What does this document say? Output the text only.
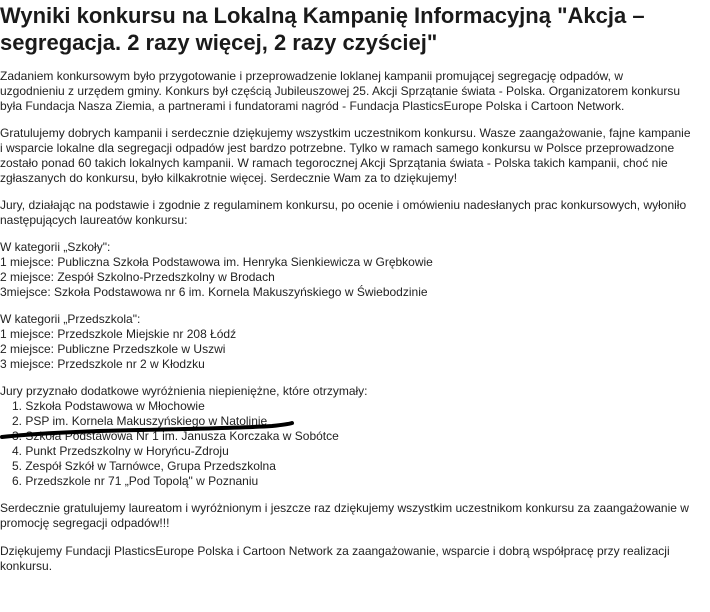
Wyniki konkursu na Lokalną Kampanię Informacyjną "Akcja –
segregacja. 2 razy więcej, 2 razy czyściej"

Zadaniem konkursowym było przygotowanie i przeprowadzenie loklanej kampanii promującej segregację odpadów, w
uzgodnieniu z urzędem gminy. Konkurs był częścią Jubileuszowej 25. Akcji Sprzątanie świata - Polska. Organizatorem konkursu
była Fundacja Nasza Ziemia, a partnerami i fundatorami nagród - Fundacja PlasticsEurope Polska i Cartoon Network.

Gratulujemy dobrych kampanii i serdecznie dziękujemy wszystkim uczestnikom konkursu. Wasze zaangażowanie, fajne kampanie
i wsparcie lokalne dla segregacji odpadów jest bardzo potrzebne. Tylko w ramach samego konkursu w Polsce przeprowadzone
zostało ponad 60 takich lokalnych kampanii. W ramach tegorocznej Akcji Sprzątania świata - Polska takich kampanii, choć nie
zgłaszanych do konkursu, było kilkakrotnie więcej. Serdecznie Wam za to dziękujemy!

Jury, działając na podstawie i zgodnie z regulaminem konkursu, po ocenie i omówieniu nadesłanych prac konkursowych, wyłoniło
następujących laureatów konkursu:

W kategorii „Szkoły":
1 miejsce: Publiczna Szkoła Podstawowa im. Henryka Sienkiewicza w Grębkowie
2 miejsce: Zespół Szkolno-Przedszkolny w Brodach
3miejsce: Szkoła Podstawowa nr 6 im. Kornela Makuszyńskiego w Świebodzinie

W kategorii „Przedszkola":
1 miejsce: Przedszkole Miejskie nr 208 Łódź
2 miejsce: Publiczne Przedszkole w Uszwi
3 miejsce: Przedszkole nr 2 w Kłodzku

Jury przyznało dodatkowe wyróżnienia niepieniężne, które otrzymały:

1. Szkoła Podstawowa w Młochowie
2. PSP im. Kornela Makuszyńskiego w Natolinie
3. Szkoła Podstawowa Nr 1 im. Janusza Korczaka w Sobótce
4. Punkt Przedszkolny w Horyńcu-Zdroju
5. Zespół Szkół w Tarnówce, Grupa Przedszkolna
6. Przedszkole nr 71 „Pod Topolą" w Poznaniu

Serdecznie gratulujemy laureatom i wyróżnionym i jeszcze raz dziękujemy wszystkim uczestnikom konkursu za zaangażowanie w
promocję segregacji odpadów!!!

Dziękujemy Fundacji PlasticsEurope Polska i Cartoon Network za zaangażowanie, wsparcie i dobrą współpracę przy realizacji
konkursu.
